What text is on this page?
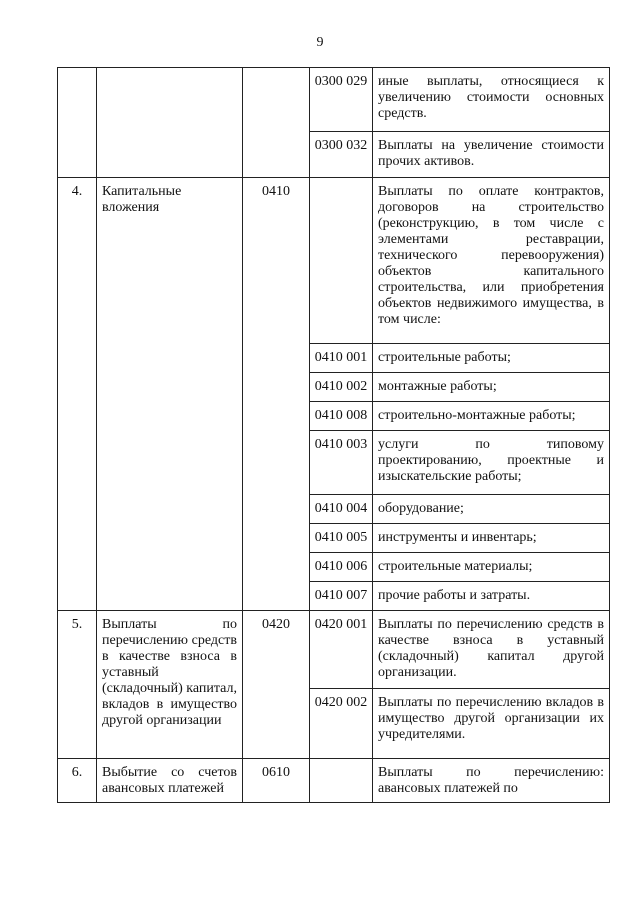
9
			0300 029	иные выплаты, относящиеся к увеличению стоимости основных средств.
			0300 032	Выплаты на увеличение стоимости прочих активов.
4.	Капитальные вложения	0410		Выплаты по оплате контрактов, договоров на строительство (реконструкцию, в том числе с элементами реставрации, технического перевооружения) объектов капитального строительства, или приобретения объектов недвижимого имущества, в том числе:
			0410 001	строительные работы;
			0410 002	монтажные работы;
			0410 008	строительно-монтажные работы;
			0410 003	услуги по типовому проектированию, проектные и изыскательские работы;
			0410 004	оборудование;
			0410 005	инструменты и инвентарь;
			0410 006	строительные материалы;
			0410 007	прочие работы и затраты.
5.	Выплаты по перечислению средств в качестве взноса в уставный (складочный) капитал, вкладов в имущество другой организации	0420	0420 001	Выплаты по перечислению средств в качестве взноса в уставный (складочный) капитал другой организации.
			0420 002	Выплаты по перечислению вкладов в имущество другой организации их учредителями.
6.	Выбытие со счетов авансовых платежей	0610		Выплаты по перечислению: авансовых платежей по
